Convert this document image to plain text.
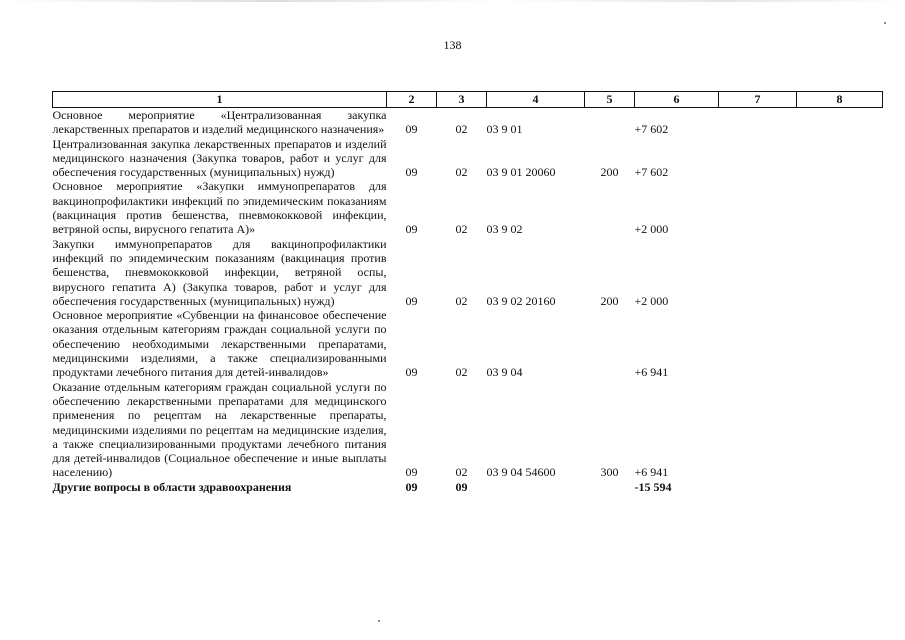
138
1	2	3	4	5	6	7	8
Основное мероприятие «Централизованная закупка лекарственных препаратов и изделий медицинского назначения»	09	02	03 9 01		+7 602		
Централизованная закупка лекарственных препаратов и изделий медицинского назначения (Закупка товаров, работ и услуг для обеспечения государственных (муниципальных) нужд)	09	02	03 9 01 20060	200	+7 602		
Основное мероприятие «Закупки иммунопрепаратов для вакцинопрофилактики инфекций по эпидемическим показаниям (вакцинация против бешенства, пневмококковой инфекции, ветряной оспы, вирусного гепатита А)»	09	02	03 9 02		+2 000		
Закупки иммунопрепаратов для вакцинопрофилактики инфекций по эпидемическим показаниям (вакцинация против бешенства, пневмококковой инфекции, ветряной оспы, вирусного гепатита А) (Закупка товаров, работ и услуг для обеспечения государственных (муниципальных) нужд)	09	02	03 9 02 20160	200	+2 000		
Основное мероприятие «Субвенции на финансовое обеспечение оказания отдельным категориям граждан социальной услуги по обеспечению необходимыми лекарственными препаратами, медицинскими изделиями, а также специализированными продуктами лечебного питания для детей-инвалидов»	09	02	03 9 04		+6 941		
Оказание отдельным категориям граждан социальной услуги по обеспечению лекарственными препаратами для медицинского применения по рецептам на лекарственные препараты, медицинскими изделиями по рецептам на медицинские изделия, а также специализированными продуктами лечебного питания для детей-инвалидов (Социальное обеспечение и иные выплаты населению)	09	02	03 9 04 54600	300	+6 941		
Другие вопросы в области здравоохранения	09	09			-15 594		
